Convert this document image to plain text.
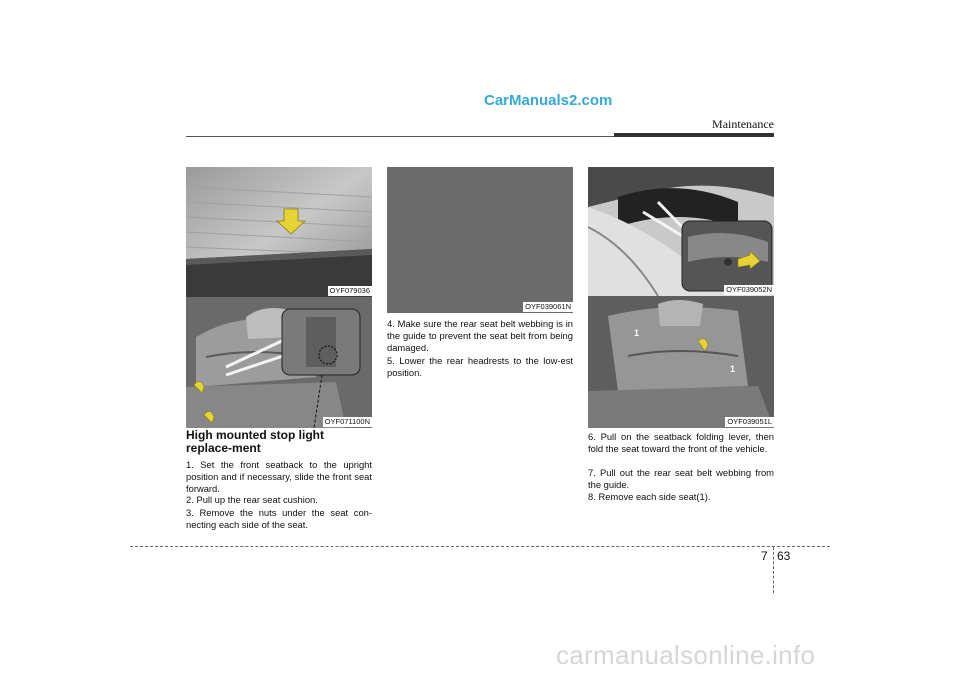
CarManuals2.com
Maintenance
OYF079036
OYF071100N
OYF039061N
OYF039052N
1
1
OYF039051L
High mounted stop light replace-ment
1. Set the front seatback to the upright position and if necessary, slide the front seat forward.
2. Pull up the rear seat cushion.
3. Remove the nuts under the seat con-necting each side of the seat.
4. Make sure the rear seat belt webbing is in the guide to prevent the seat belt from being damaged.
5. Lower the rear headrests to the low-est position.
6. Pull on the seatback folding lever, then fold the seat toward the front of the vehicle.
7. Pull out the rear seat belt webbing from the guide.
8. Remove each side seat(1).
7 63
carmanualsonline.info
